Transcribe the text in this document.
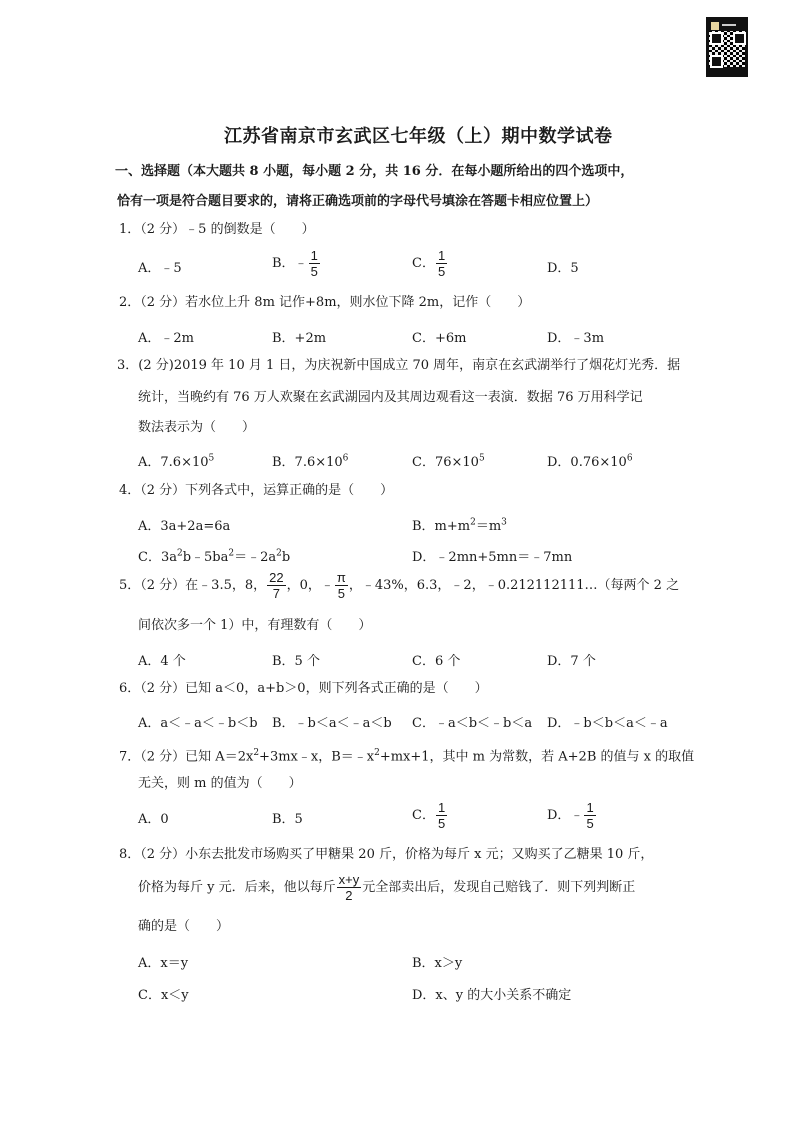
江苏省南京市玄武区七年级（上）期中数学试卷
一、选择题（本大题共 8 小题，每小题 2 分，共 16 分．在每小题所给出的四个选项中，
恰有一项是符合题目要求的，请将正确选项前的字母代号填涂在答题卡相应位置上）
1．（2 分）﹣5 的倒数是（　　）
A．﹣5	B．﹣ $\frac{1}{5}$	C． $\frac{1}{5}$	D．5
2．（2 分）若水位上升 8m 记作+8m，则水位下降 2m，记作（　　）
A．﹣2m	B．+2m	C．+6m	D．﹣3m
3．(2 分)2019 年 10 月 1 日，为庆祝新中国成立 70 周年，南京在玄武湖举行了烟花灯光秀．据
统计，当晚约有 76 万人欢聚在玄武湖园内及其周边观看这一表演．数据 76 万用科学记
数法表示为（　　）
A．$7.6\times 10^5$	B．$7.6\times 10^6$	C．$76\times 10^5$	D．$0.76\times 10^6$
4．（2 分）下列各式中，运算正确的是（　　）
A．3a+2a=6a	B．$m+m^2=m^3$
C．$3a^2b﹣5ba^2=﹣2a^2b$	D．﹣2mn+5mn＝﹣7mn
5．（2 分）在﹣3.5，8， $\frac{22}{7}$ ，0，﹣ $\frac{\pi}{5}$ ，﹣43%，6.3，﹣2，﹣0.212112111…（每两个 2 之
间依次多一个 1）中，有理数有（　　）
A．4 个	B．5 个	C．6 个	D．7 个
6．（2 分）已知 a＜0，a+b＞0，则下列各式正确的是（　　）
A．a＜﹣a＜﹣b＜b B．﹣b＜a＜﹣a＜b C．﹣a＜b＜﹣b＜a D．﹣b＜b＜a＜﹣a
7．（2 分）已知 $A=2x^2+3mx﹣x$，$B=﹣x^2+mx+1$，其中 m 为常数，若 A+2B 的值与 x 的取值
无关，则 m 的值为（　　）
A．0	B．5	C． $\frac{1}{5}$	D．﹣ $\frac{1}{5}$
8．（2 分）小东去批发市场购买了甲糖果 20 斤，价格为每斤 x 元；又购买了乙糖果 10 斤，
价格为每斤 y 元．后来，他以每斤 $\frac{x+y}{2}$ 元全部卖出后，发现自己赔钱了．则下列判断正
确的是（　　）
A．x＝y	B．x＞y
C．x＜y	D．x、y 的大小关系不确定
